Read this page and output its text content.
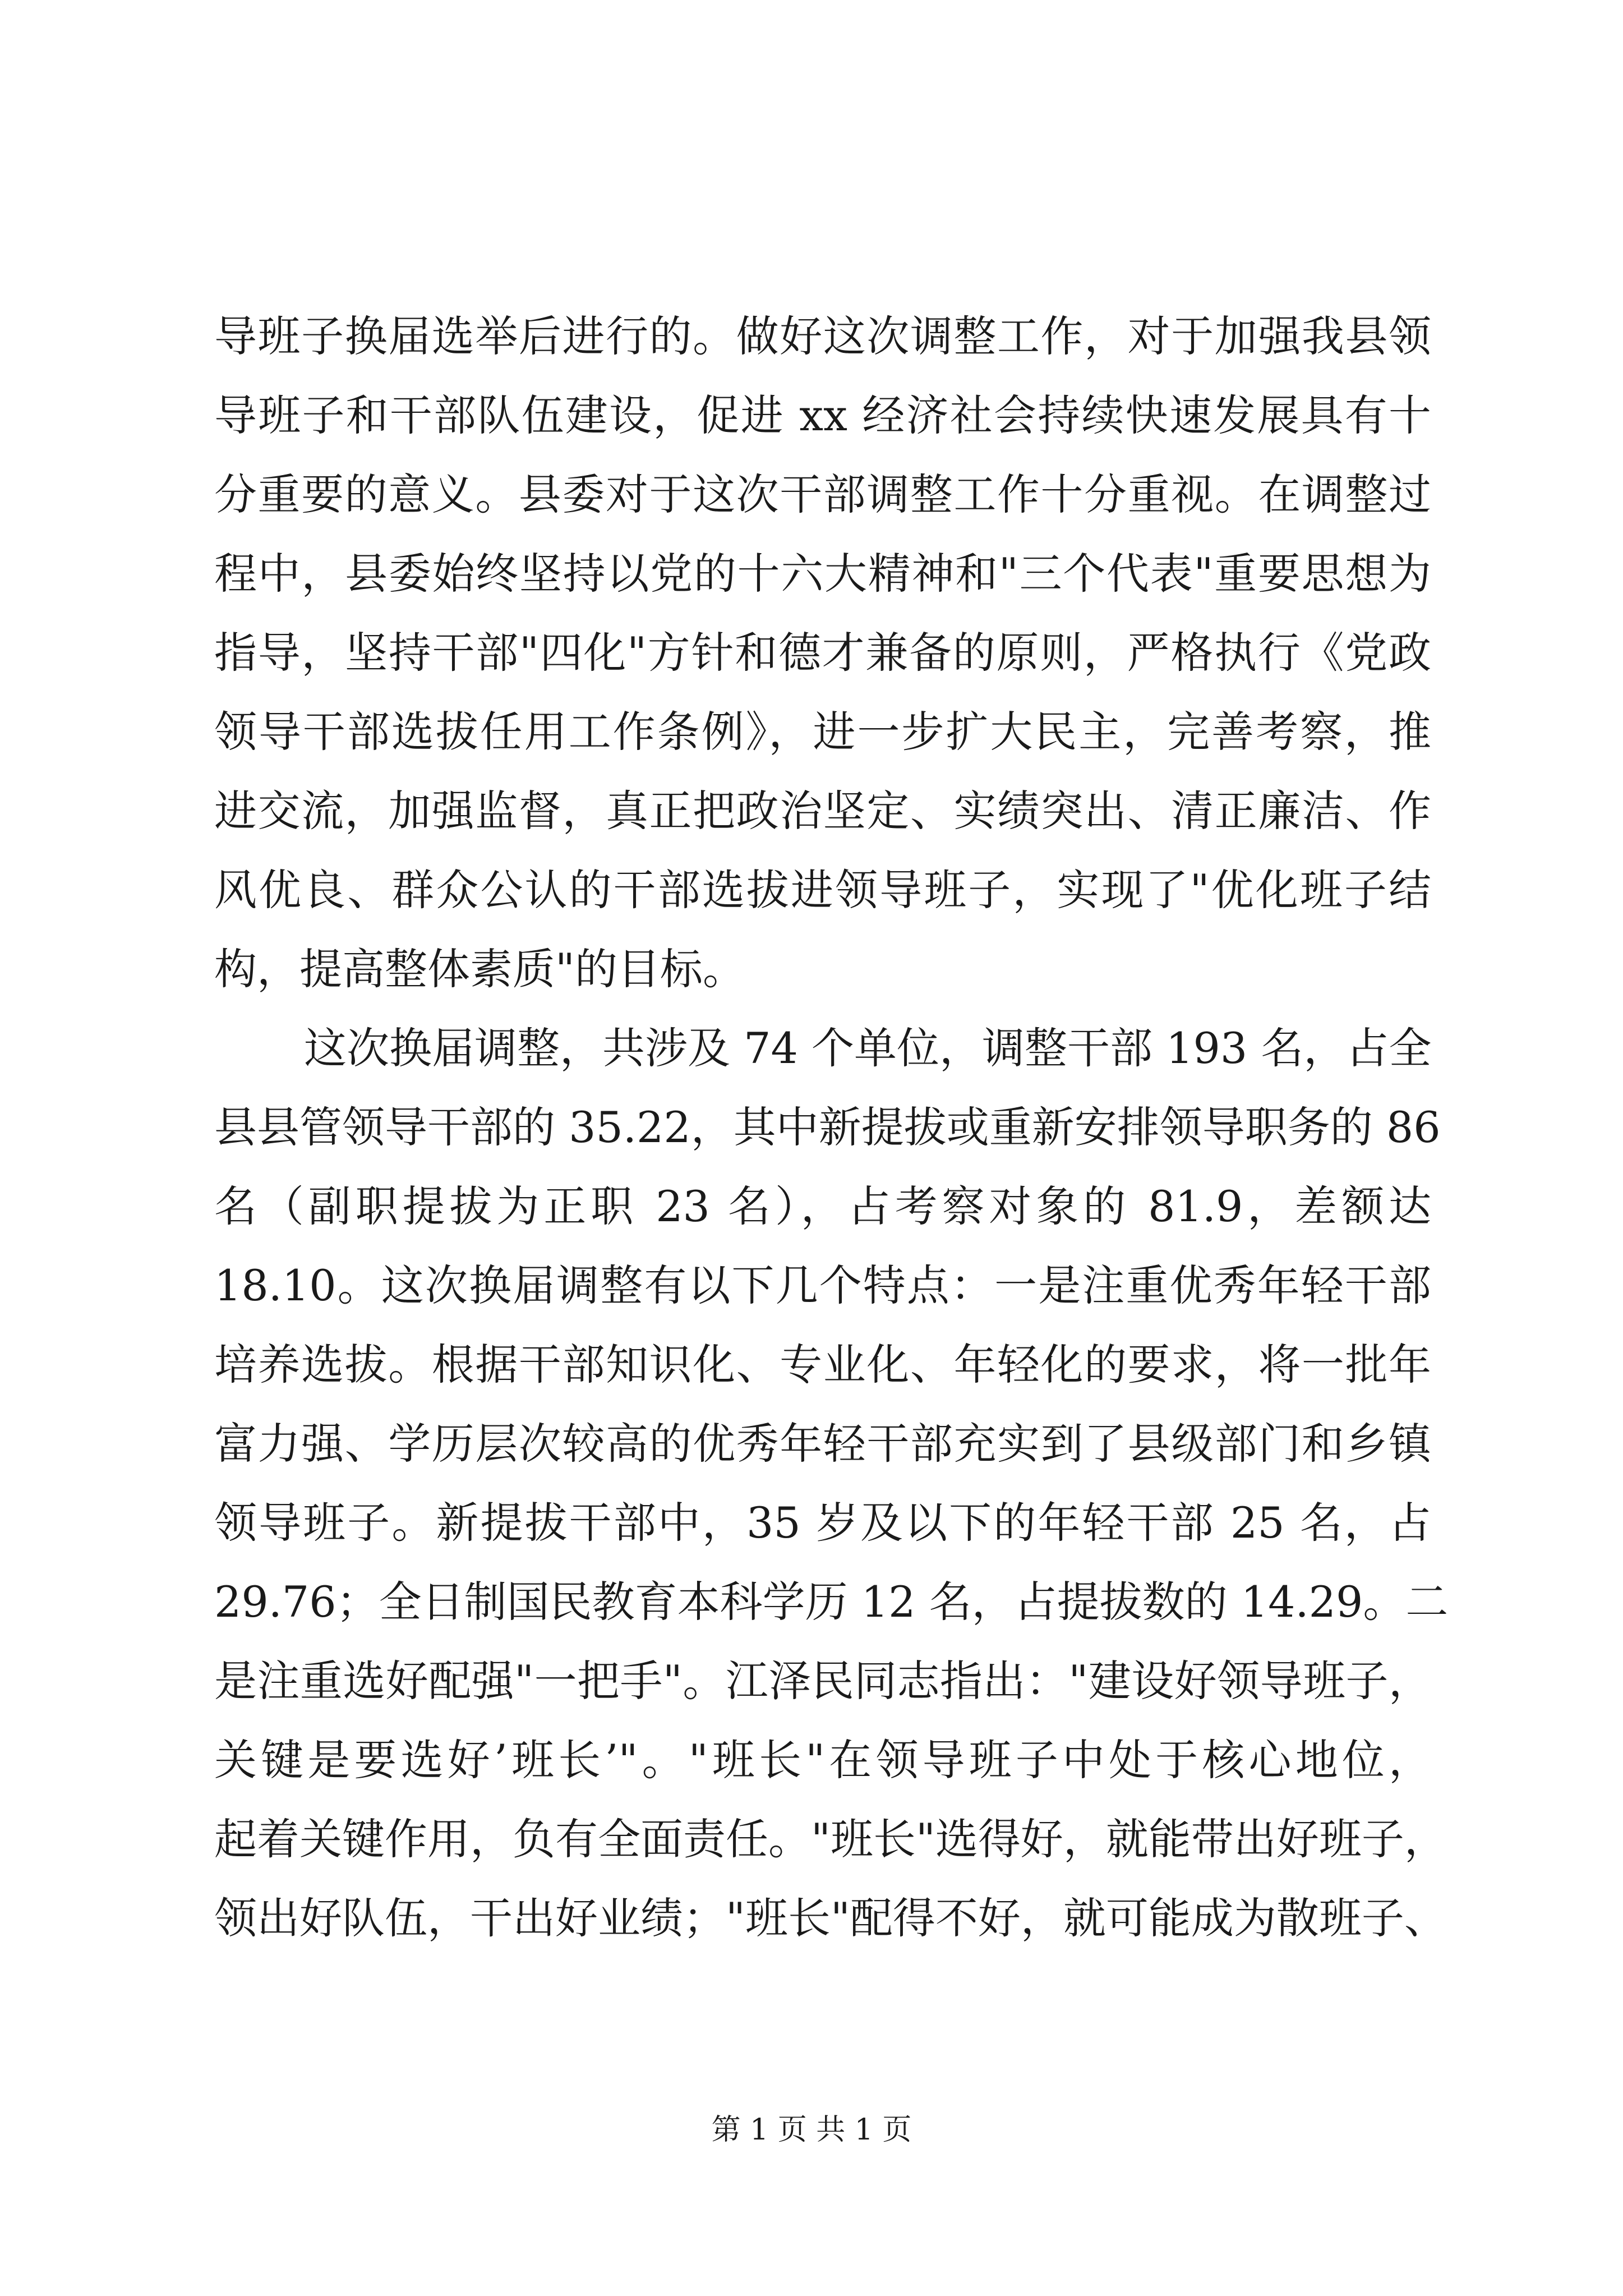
导班子换届选举后进行的。做好这次调整工作，对于加强我县领
导班子和干部队伍建设，促进 xx 经济社会持续快速发展具有十
分重要的意义。县委对于这次干部调整工作十分重视。在调整过
程中，县委始终坚持以党的十六大精神和"三个代表"重要思想为
指导，坚持干部"四化"方针和德才兼备的原则，严格执行《党政
领导干部选拔任用工作条例》，进一步扩大民主，完善考察，推
进交流，加强监督，真正把政治坚定、实绩突出、清正廉洁、作
风优良、群众公认的干部选拔进领导班子，实现了"优化班子结
构，提高整体素质"的目标。
这次换届调整，共涉及 74 个单位，调整干部 193 名，占全
县县管领导干部的 35.22，其中新提拔或重新安排领导职务的 86
名（副职提拔为正职 23 名），占考察对象的 81.9，差额达
18.10。这次换届调整有以下几个特点：一是注重优秀年轻干部
培养选拔。根据干部知识化、专业化、年轻化的要求，将一批年
富力强、学历层次较高的优秀年轻干部充实到了县级部门和乡镇
领导班子。新提拔干部中，35 岁及以下的年轻干部 25 名，占
29.76；全日制国民教育本科学历 12 名，占提拔数的 14.29。二
是注重选好配强"一把手"。江泽民同志指出："建设好领导班子，
关键是要选好’班长’"。"班长"在领导班子中处于核心地位，
起着关键作用，负有全面责任。"班长"选得好，就能带出好班子，
领出好队伍，干出好业绩；"班长"配得不好，就可能成为散班子、
第 1 页 共 1 页
